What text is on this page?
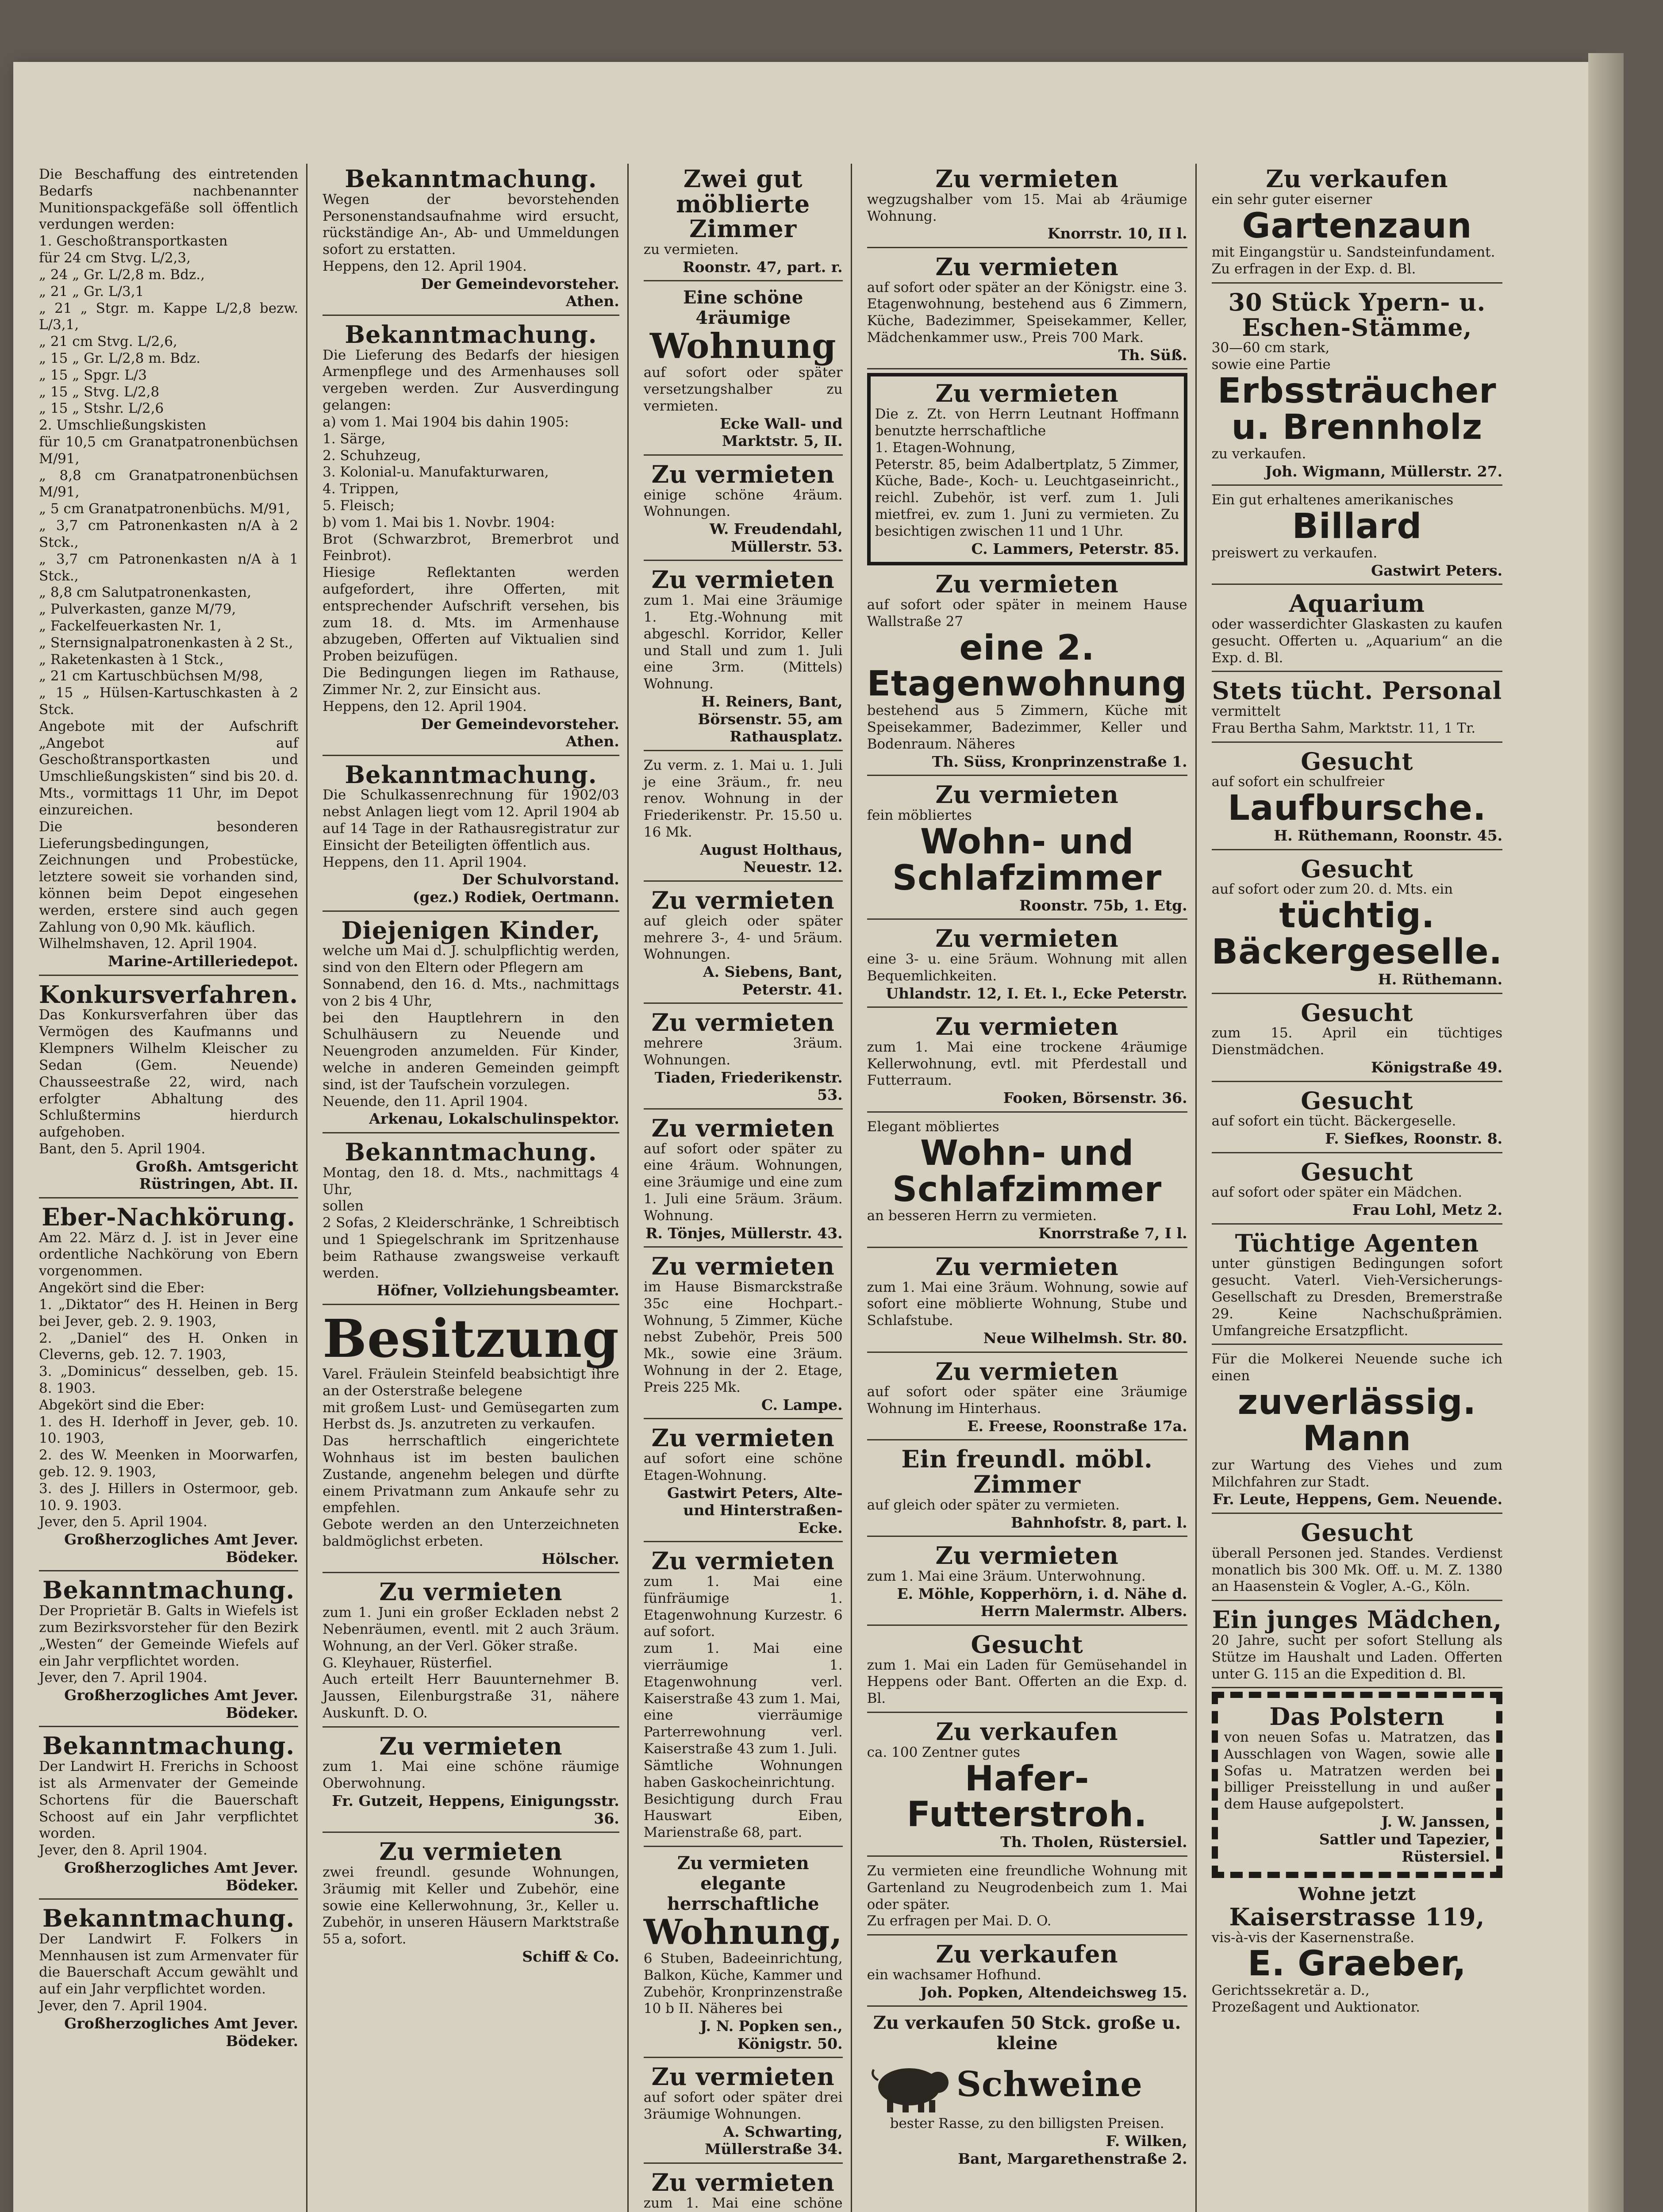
Die Beschaffung des eintretenden Bedarfs nachbenannter Munitionspackgefäße soll öffentlich verdungen werden:
1. Geschoßtransportkasten
für 24 cm Stvg. L/2,3,
„ 24 „ Gr. L/2,8 m. Bdz.,
„ 21 „ Gr. L/3,1
„ 21 „ Stgr. m. Kappe L/2,8 bezw. L/3,1,
„ 21 cm Stvg. L/2,6,
„ 15 „ Gr. L/2,8 m. Bdz.
„ 15 „ Spgr. L/3
„ 15 „ Stvg. L/2,8
„ 15 „ Stshr. L/2,6
2. Umschließungskisten
für 10,5 cm Granatpatronenbüchsen M/91,
„ 8,8 cm Granatpatronenbüchsen M/91,
„ 5 cm Granatpatronenbüchs. M/91,
„ 3,7 cm Patronenkasten n/A à 2 Stck.,
„ 3,7 cm Patronenkasten n/A à 1 Stck.,
„ 8,8 cm Salutpatronenkasten,
„ Pulverkasten, ganze M/79,
„ Fackelfeuerkasten Nr. 1,
„ Sternsignalpatronenkasten à 2 St.,
„ Raketenkasten à 1 Stck.,
„ 21 cm Kartuschbüchsen M/98,
„ 15 „ Hülsen-Kartuschkasten à 2 Stck.
Angebote mit der Aufschrift „Angebot auf Geschoßtransportkasten und Umschließungskisten“ sind bis 20. d. Mts., vormittags 11 Uhr, im Depot einzureichen.
Die besonderen Lieferungsbedingungen, Zeichnungen und Probestücke, letztere soweit sie vorhanden sind, können beim Depot eingesehen werden, erstere sind auch gegen Zahlung von 0,90 Mk. käuflich.
Wilhelmshaven, 12. April 1904.
Marine-Artilleriedepot.
Konkursverfahren.
Das Konkursverfahren über das Vermögen des Kaufmanns und Klempners Wilhelm Kleischer zu Sedan (Gem. Neuende) Chausseestraße 22, wird, nach erfolgter Abhaltung des Schlußtermins hierdurch aufgehoben.
Bant, den 5. April 1904.
Großh. Amtsgericht Rüstringen, Abt. II.
Eber-Nachkörung.
Am 22. März d. J. ist in Jever eine ordentliche Nachkörung von Ebern vorgenommen.
Angekört sind die Eber:
1. „Diktator“ des H. Heinen in Berg bei Jever, geb. 2. 9. 1903,
2. „Daniel“ des H. Onken in Cleverns, geb. 12. 7. 1903,
3. „Dominicus“ desselben, geb. 15. 8. 1903.
Abgekört sind die Eber:
1. des H. Iderhoff in Jever, geb. 10. 10. 1903,
2. des W. Meenken in Moorwarfen, geb. 12. 9. 1903,
3. des J. Hillers in Ostermoor, geb. 10. 9. 1903.
Jever, den 5. April 1904.
Großherzogliches Amt Jever.
Bödeker.
Bekanntmachung.
Der Proprietär B. Galts in Wiefels ist zum Bezirksvorsteher für den Bezirk „Westen“ der Gemeinde Wiefels auf ein Jahr verpflichtet worden.
Jever, den 7. April 1904.
Großherzogliches Amt Jever.
Bödeker.
Bekanntmachung.
Der Landwirt H. Frerichs in Schoost ist als Armenvater der Gemeinde Schortens für die Bauerschaft Schoost auf ein Jahr verpflichtet worden.
Jever, den 8. April 1904.
Großherzogliches Amt Jever.
Bödeker.
Bekanntmachung.
Der Landwirt F. Folkers in Mennhausen ist zum Armenvater für die Bauerschaft Accum gewählt und auf ein Jahr verpflichtet worden.
Jever, den 7. April 1904.
Großherzogliches Amt Jever.
Bödeker.
Bekanntmachung.
Wegen der bevorstehenden Personenstandsaufnahme wird ersucht, rückständige An-, Ab- und Ummeldungen sofort zu erstatten.
Heppens, den 12. April 1904.
Der Gemeindevorsteher.
Athen.
Bekanntmachung.
Die Lieferung des Bedarfs der hiesigen Armenpflege und des Armenhauses soll vergeben werden. Zur Ausverdingung gelangen:
a) vom 1. Mai 1904 bis dahin 1905:
1. Särge,
2. Schuhzeug,
3. Kolonial-u. Manufakturwaren,
4. Trippen,
5. Fleisch;
b) vom 1. Mai bis 1. Novbr. 1904:
Brot (Schwarzbrot, Bremerbrot und Feinbrot).
Hiesige Reflektanten werden aufgefordert, ihre Offerten, mit entsprechender Aufschrift versehen, bis zum 18. d. Mts. im Armenhause abzugeben, Offerten auf Viktualien sind Proben beizufügen.
Die Bedingungen liegen im Rathause, Zimmer Nr. 2, zur Einsicht aus.
Heppens, den 12. April 1904.
Der Gemeindevorsteher.
Athen.
Bekanntmachung.
Die Schulkassenrechnung für 1902/03 nebst Anlagen liegt vom 12. April 1904 ab auf 14 Tage in der Rathausregistratur zur Einsicht der Beteiligten öffentlich aus.
Heppens, den 11. April 1904.
Der Schulvorstand.
(gez.) Rodiek, Oertmann.
Diejenigen Kinder,
welche um Mai d. J. schulpflichtig werden, sind von den Eltern oder Pflegern am
Sonnabend, den 16. d. Mts., nachmittags von 2 bis 4 Uhr,
bei den Hauptlehrern in den Schulhäusern zu Neuende und Neuengroden anzumelden. Für Kinder, welche in anderen Gemeinden geimpft sind, ist der Taufschein vorzulegen.
Neuende, den 11. April 1904.
Arkenau, Lokalschulinspektor.
Bekanntmachung.
Montag, den 18. d. Mts., nachmittags 4 Uhr,
sollen
2 Sofas, 2 Kleiderschränke, 1 Schreibtisch und 1 Spiegelschrank im Spritzenhause beim Rathause zwangsweise verkauft werden.
Höfner, Vollziehungsbeamter.
Besitzung
Varel. Fräulein Steinfeld beabsichtigt ihre an der Osterstraße belegene
mit großem Lust- und Gemüsegarten zum Herbst ds. Js. anzutreten zu verkaufen.
Das herrschaftlich eingerichtete Wohnhaus ist im besten baulichen Zustande, angenehm belegen und dürfte einem Privatmann zum Ankaufe sehr zu empfehlen.
Gebote werden an den Unterzeichneten baldmöglichst erbeten.
Hölscher.
Zu vermieten
zum 1. Juni ein großer Eckladen nebst 2 Nebenräumen, eventl. mit 2 auch 3räum. Wohnung, an der Verl. Göker straße.
G. Kleyhauer, Rüsterfiel.
Auch erteilt Herr Bauunternehmer B. Jaussen, Eilenburgstraße 31, nähere Auskunft. D. O.
Zu vermieten
zum 1. Mai eine schöne räumige Oberwohnung.
Fr. Gutzeit, Heppens, Einigungsstr. 36.
Zu vermieten
zwei freundl. gesunde Wohnungen, 3räumig mit Keller und Zubehör, eine sowie eine Kellerwohnung, 3r., Keller u. Zubehör, in unseren Häusern Marktstraße 55 a, sofort.
Schiff & Co.
Zwei gut möblierte Zimmer
zu vermieten.
Roonstr. 47, part. r.
Eine schöne 4räumige
Wohnung
auf sofort oder später versetzungshalber zu vermieten.
Ecke Wall- und Marktstr. 5, II.
Zu vermieten
einige schöne 4räum. Wohnungen.
W. Freudendahl, Müllerstr. 53.
Zu vermieten
zum 1. Mai eine 3räumige 1. Etg.-Wohnung mit abgeschl. Korridor, Keller und Stall und zum 1. Juli eine 3rm. (Mittels) Wohnung.
H. Reiners, Bant, Börsenstr. 55, am Rathausplatz.
Zu verm. z. 1. Mai u. 1. Juli je eine 3räum., fr. neu renov. Wohnung in der Friederikenstr. Pr. 15.50 u. 16 Mk.
August Holthaus, Neuestr. 12.
Zu vermieten
auf gleich oder später mehrere 3-, 4- und 5räum. Wohnungen.
A. Siebens, Bant, Peterstr. 41.
Zu vermieten
mehrere 3räum. Wohnungen.
Tiaden, Friederikenstr. 53.
Zu vermieten
auf sofort oder später zu eine 4räum. Wohnungen, eine 3räumige und eine zum 1. Juli eine 5räum. 3räum. Wohnung.
R. Tönjes, Müllerstr. 43.
Zu vermieten
im Hause Bismarckstraße 35c eine Hochpart.-Wohnung, 5 Zimmer, Küche nebst Zubehör, Preis 500 Mk., sowie eine 3räum. Wohnung in der 2. Etage, Preis 225 Mk.
C. Lampe.
Zu vermieten
auf sofort eine schöne Etagen-Wohnung.
Gastwirt Peters, Alte- und Hinterstraßen-Ecke.
Zu vermieten
zum 1. Mai eine fünfräumige 1. Etagenwohnung Kurzestr. 6 auf sofort.
zum 1. Mai eine vierräumige 1. Etagenwohnung verl. Kaiserstraße 43 zum 1. Mai,
eine vierräumige Parterrewohnung verl. Kaiserstraße 43 zum 1. Juli.
Sämtliche Wohnungen haben Gaskocheinrichtung.
Besichtigung durch Frau Hauswart Eiben, Marienstraße 68, part.
Zu vermieten elegante herrschaftliche
Wohnung,
6 Stuben, Badeeinrichtung, Balkon, Küche, Kammer und Zubehör, Kronprinzenstraße 10 b II. Näheres bei
J. N. Popken sen., Königstr. 50.
Zu vermieten
auf sofort oder später drei 3räumige Wohnungen.
A. Schwarting, Müllerstraße 34.
Zu vermieten
zum 1. Mai eine schöne
Zu vermieten
wegzugshalber vom 15. Mai ab 4räumige Wohnung.
Knorrstr. 10, II l.
Zu vermieten
auf sofort oder später an der Königstr. eine 3. Etagenwohnung, bestehend aus 6 Zimmern, Küche, Badezimmer, Speisekammer, Keller, Mädchenkammer usw., Preis 700 Mark.
Th. Süß.
Zu vermieten
Die z. Zt. von Herrn Leutnant Hoffmann benutzte herrschaftliche
1. Etagen-Wohnung,
Peterstr. 85, beim Adalbertplatz, 5 Zimmer, Küche, Bade-, Koch- u. Leuchtgaseinricht., reichl. Zubehör, ist verf. zum 1. Juli mietfrei, ev. zum 1. Juni zu vermieten. Zu besichtigen zwischen 11 und 1 Uhr.
C. Lammers, Peterstr. 85.
Zu vermieten
auf sofort oder später in meinem Hause Wallstraße 27
eine 2. Etagenwohnung
bestehend aus 5 Zimmern, Küche mit Speisekammer, Badezimmer, Keller und Bodenraum. Näheres
Th. Süss, Kronprinzenstraße 1.
Zu vermieten
fein möbliertes
Wohn- und Schlafzimmer
Roonstr. 75b, 1. Etg.
Zu vermieten
eine 3- u. eine 5räum. Wohnung mit allen Bequemlichkeiten.
Uhlandstr. 12, I. Et. l., Ecke Peterstr.
Zu vermieten
zum 1. Mai eine trockene 4räumige Kellerwohnung, evtl. mit Pferdestall und Futterraum.
Fooken, Börsenstr. 36.
Elegant möbliertes
Wohn- und Schlafzimmer
an besseren Herrn zu vermieten.
Knorrstraße 7, I l.
Zu vermieten
zum 1. Mai eine 3räum. Wohnung, sowie auf sofort eine möblierte Wohnung, Stube und Schlafstube.
Neue Wilhelmsh. Str. 80.
Zu vermieten
auf sofort oder später eine 3räumige Wohnung im Hinterhaus.
E. Freese, Roonstraße 17a.
Ein freundl. möbl. Zimmer
auf gleich oder später zu vermieten.
Bahnhofstr. 8, part. l.
Zu vermieten
zum 1. Mai eine 3räum. Unterwohnung.
E. Möhle, Kopperhörn, i. d. Nähe d. Herrn Malermstr. Albers.
Gesucht
zum 1. Mai ein Laden für Gemüsehandel in Heppens oder Bant. Offerten an die Exp. d. Bl.
Zu verkaufen
ca. 100 Zentner gutes
Hafer-Futterstroh.
Th. Tholen, Rüstersiel.
Zu vermieten eine freundliche Wohnung mit Gartenland zu Neugrodenbeich zum 1. Mai oder später.
Zu erfragen per Mai. D. O.
Zu verkaufen
ein wachsamer Hofhund.
Joh. Popken, Altendeichsweg 15.
Zu verkaufen 50 Stck. große u. kleine
Schweine
bester Rasse, zu den billigsten Preisen.
F. Wilken,
Bant, Margarethenstraße 2.
Zu verkaufen
ein sehr guter eiserner
Gartenzaun
mit Eingangstür u. Sandsteinfundament.
Zu erfragen in der Exp. d. Bl.
30 Stück Ypern- u. Eschen-Stämme,
30—60 cm stark,
sowie eine Partie
Erbssträucher u. Brennholz
zu verkaufen.
Joh. Wigmann, Müllerstr. 27.
Ein gut erhaltenes amerikanisches
Billard
preiswert zu verkaufen.
Gastwirt Peters.
Aquarium
oder wasserdichter Glaskasten zu kaufen gesucht. Offerten u. „Aquarium“ an die Exp. d. Bl.
Stets tücht. Personal
vermittelt
Frau Bertha Sahm, Marktstr. 11, 1 Tr.
Gesucht
auf sofort ein schulfreier
Laufbursche.
H. Rüthemann, Roonstr. 45.
Gesucht
auf sofort oder zum 20. d. Mts. ein
tüchtig. Bäckergeselle.
H. Rüthemann.
Gesucht
zum 15. April ein tüchtiges Dienstmädchen.
Königstraße 49.
Gesucht
auf sofort ein tücht. Bäckergeselle.
F. Siefkes, Roonstr. 8.
Gesucht
auf sofort oder später ein Mädchen.
Frau Lohl, Metz 2.
Tüchtige Agenten
unter günstigen Bedingungen sofort gesucht. Vaterl. Vieh-Versicherungs-Gesellschaft zu Dresden, Bremerstraße 29. Keine Nachschußprämien. Umfangreiche Ersatzpflicht.
Für die Molkerei Neuende suche ich einen
zuverlässig. Mann
zur Wartung des Viehes und zum Milchfahren zur Stadt.
Fr. Leute, Heppens, Gem. Neuende.
Gesucht
überall Personen jed. Standes. Verdienst monatlich bis 300 Mk. Off. u. M. Z. 1380 an Haasenstein & Vogler, A.-G., Köln.
Ein junges Mädchen,
20 Jahre, sucht per sofort Stellung als Stütze im Haushalt und Laden. Offerten unter G. 115 an die Expedition d. Bl.
Das Polstern
von neuen Sofas u. Matratzen, das Ausschlagen von Wagen, sowie alle Sofas u. Matratzen werden bei billiger Preisstellung in und außer dem Hause aufgepolstert.
J. W. Janssen,
Sattler und Tapezier,
Rüstersiel.
Wohne jetzt
Kaiserstrasse 119,
vis-à-vis der Kasernenstraße.
E. Graeber,
Gerichtssekretär a. D.,
Prozeßagent und Auktionator.
